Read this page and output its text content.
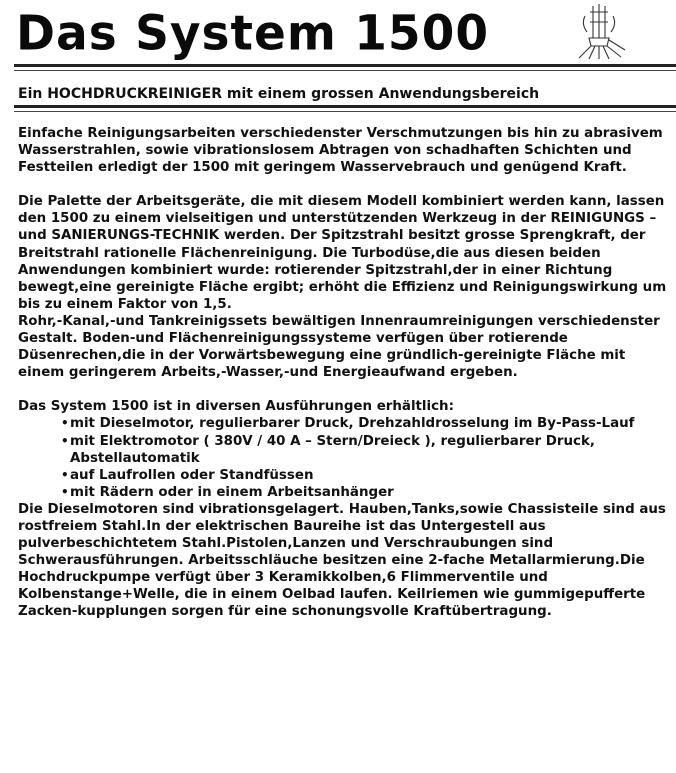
Das System 1500
Ein HOCHDRUCKREINIGER mit einem grossen Anwendungsbereich

Einfache Reinigungsarbeiten verschiedenster Verschmutzungen bis hin zu abrasivem Wasserstrahlen, sowie vibrationslosem Abtragen von schadhaften Schichten und Festteilen erledigt der 1500 mit geringem Wasservebrauch und genügend Kraft.

Die Palette der Arbeitsgeräte, die mit diesem Modell kombiniert werden kann, lassen den 1500 zu einem vielseitigen und unterstützenden Werkzeug in der REINIGUNGS – und SANIERUNGS-TECHNIK werden. Der Spitzstrahl besitzt grosse Sprengkraft, der Breitstrahl rationelle Flächenreinigung. Die Turbodüse,die aus diesen beiden Anwendungen kombiniert wurde: rotierender Spitzstrahl,der in einer Richtung bewegt,eine gereinigte Fläche ergibt; erhöht die Effizienz und Reinigungswirkung um bis zu einem Faktor von 1,5.

Rohr,-Kanal,-und Tankreinigssets bewältigen Innenraumreinigungen verschiedenster Gestalt. Boden-und Flächenreinigungssysteme verfügen über rotierende Düsenrechen,die in der Vorwärtsbewegung eine gründlich-gereinigte Fläche mit einem geringerem Arbeits,-Wasser,-und Energieaufwand ergeben.

Das System 1500 ist in diversen Ausführungen erhältlich:

• mit Dieselmotor, regulierbarer Druck, Drehzahldrosselung im By-Pass-Lauf
• mit Elektromotor ( 380V / 40 A – Stern/Dreieck ), regulierbarer Druck, Abstellautomatik
• auf Laufrollen oder Standfüssen
• mit Rädern oder in einem Arbeitsanhänger

Die Dieselmotoren sind vibrationsgelagert. Hauben,Tanks,sowie Chassisteile sind aus rostfreiem Stahl.In der elektrischen Baureihe ist das Untergestell aus pulverbeschichtetem Stahl.Pistolen,Lanzen und Verschraubungen sind Schwerausführungen. Arbeitsschläuche besitzen eine 2-fache Metallarmierung.Die Hochdruckpumpe verfügt über 3 Keramikkolben,6 Flimmerventile und Kolbenstange+Welle, die in einem Oelbad laufen. Keilriemen wie gummigepufferte Zacken-kupplungen sorgen für eine schonungsvolle Kraftübertragung.
